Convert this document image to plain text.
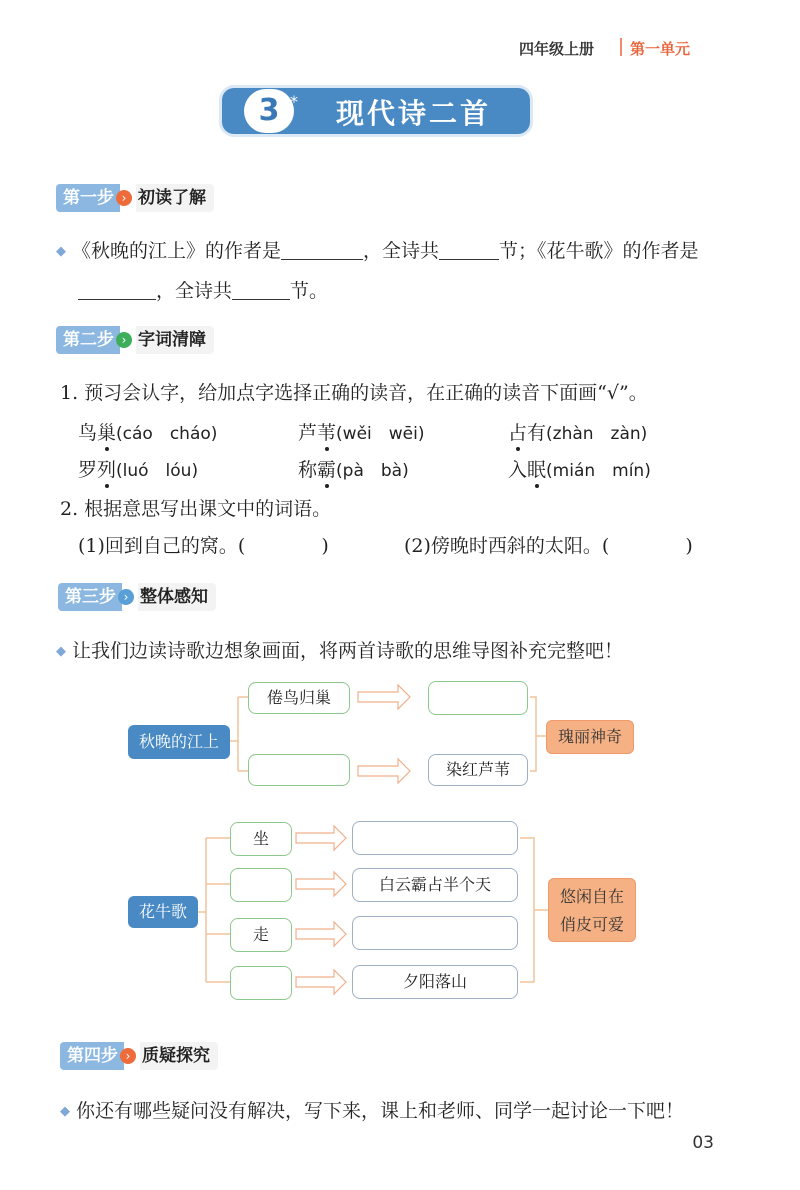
四年级上册 第一单元
3 * 现代诗二首
第一步 › 初读了解
◆ 《秋晚的江上》的作者是	，全诗共	节；《花牛歌》的作者是
，全诗共	节。
第二步 › 字词清障
1. 预习会认字，给加点字选择正确的读音，在正确的读音下面画“√”。
鸟巢(cáo　cháo)	芦苇(wěi　wēi)	占有(zhàn　zàn)
罗列(luó　lóu)	称霸(pà　bà)	入眠(mián　mín)
2. 根据意思写出课文中的词语。
(1)回到自己的窝。(　　　　)	(2)傍晚时西斜的太阳。(　　　　)
第三步 › 整体感知
◆ 让我们边读诗歌边想象画面，将两首诗歌的思维导图补充完整吧！
秋晚的江上
倦鸟归巢
染红芦苇
瑰丽神奇
花牛歌
坐
走
白云霸占半个天
夕阳落山
悠闲自在
俏皮可爱
第四步 › 质疑探究
◆ 你还有哪些疑问没有解决，写下来，课上和老师、同学一起讨论一下吧！
03
